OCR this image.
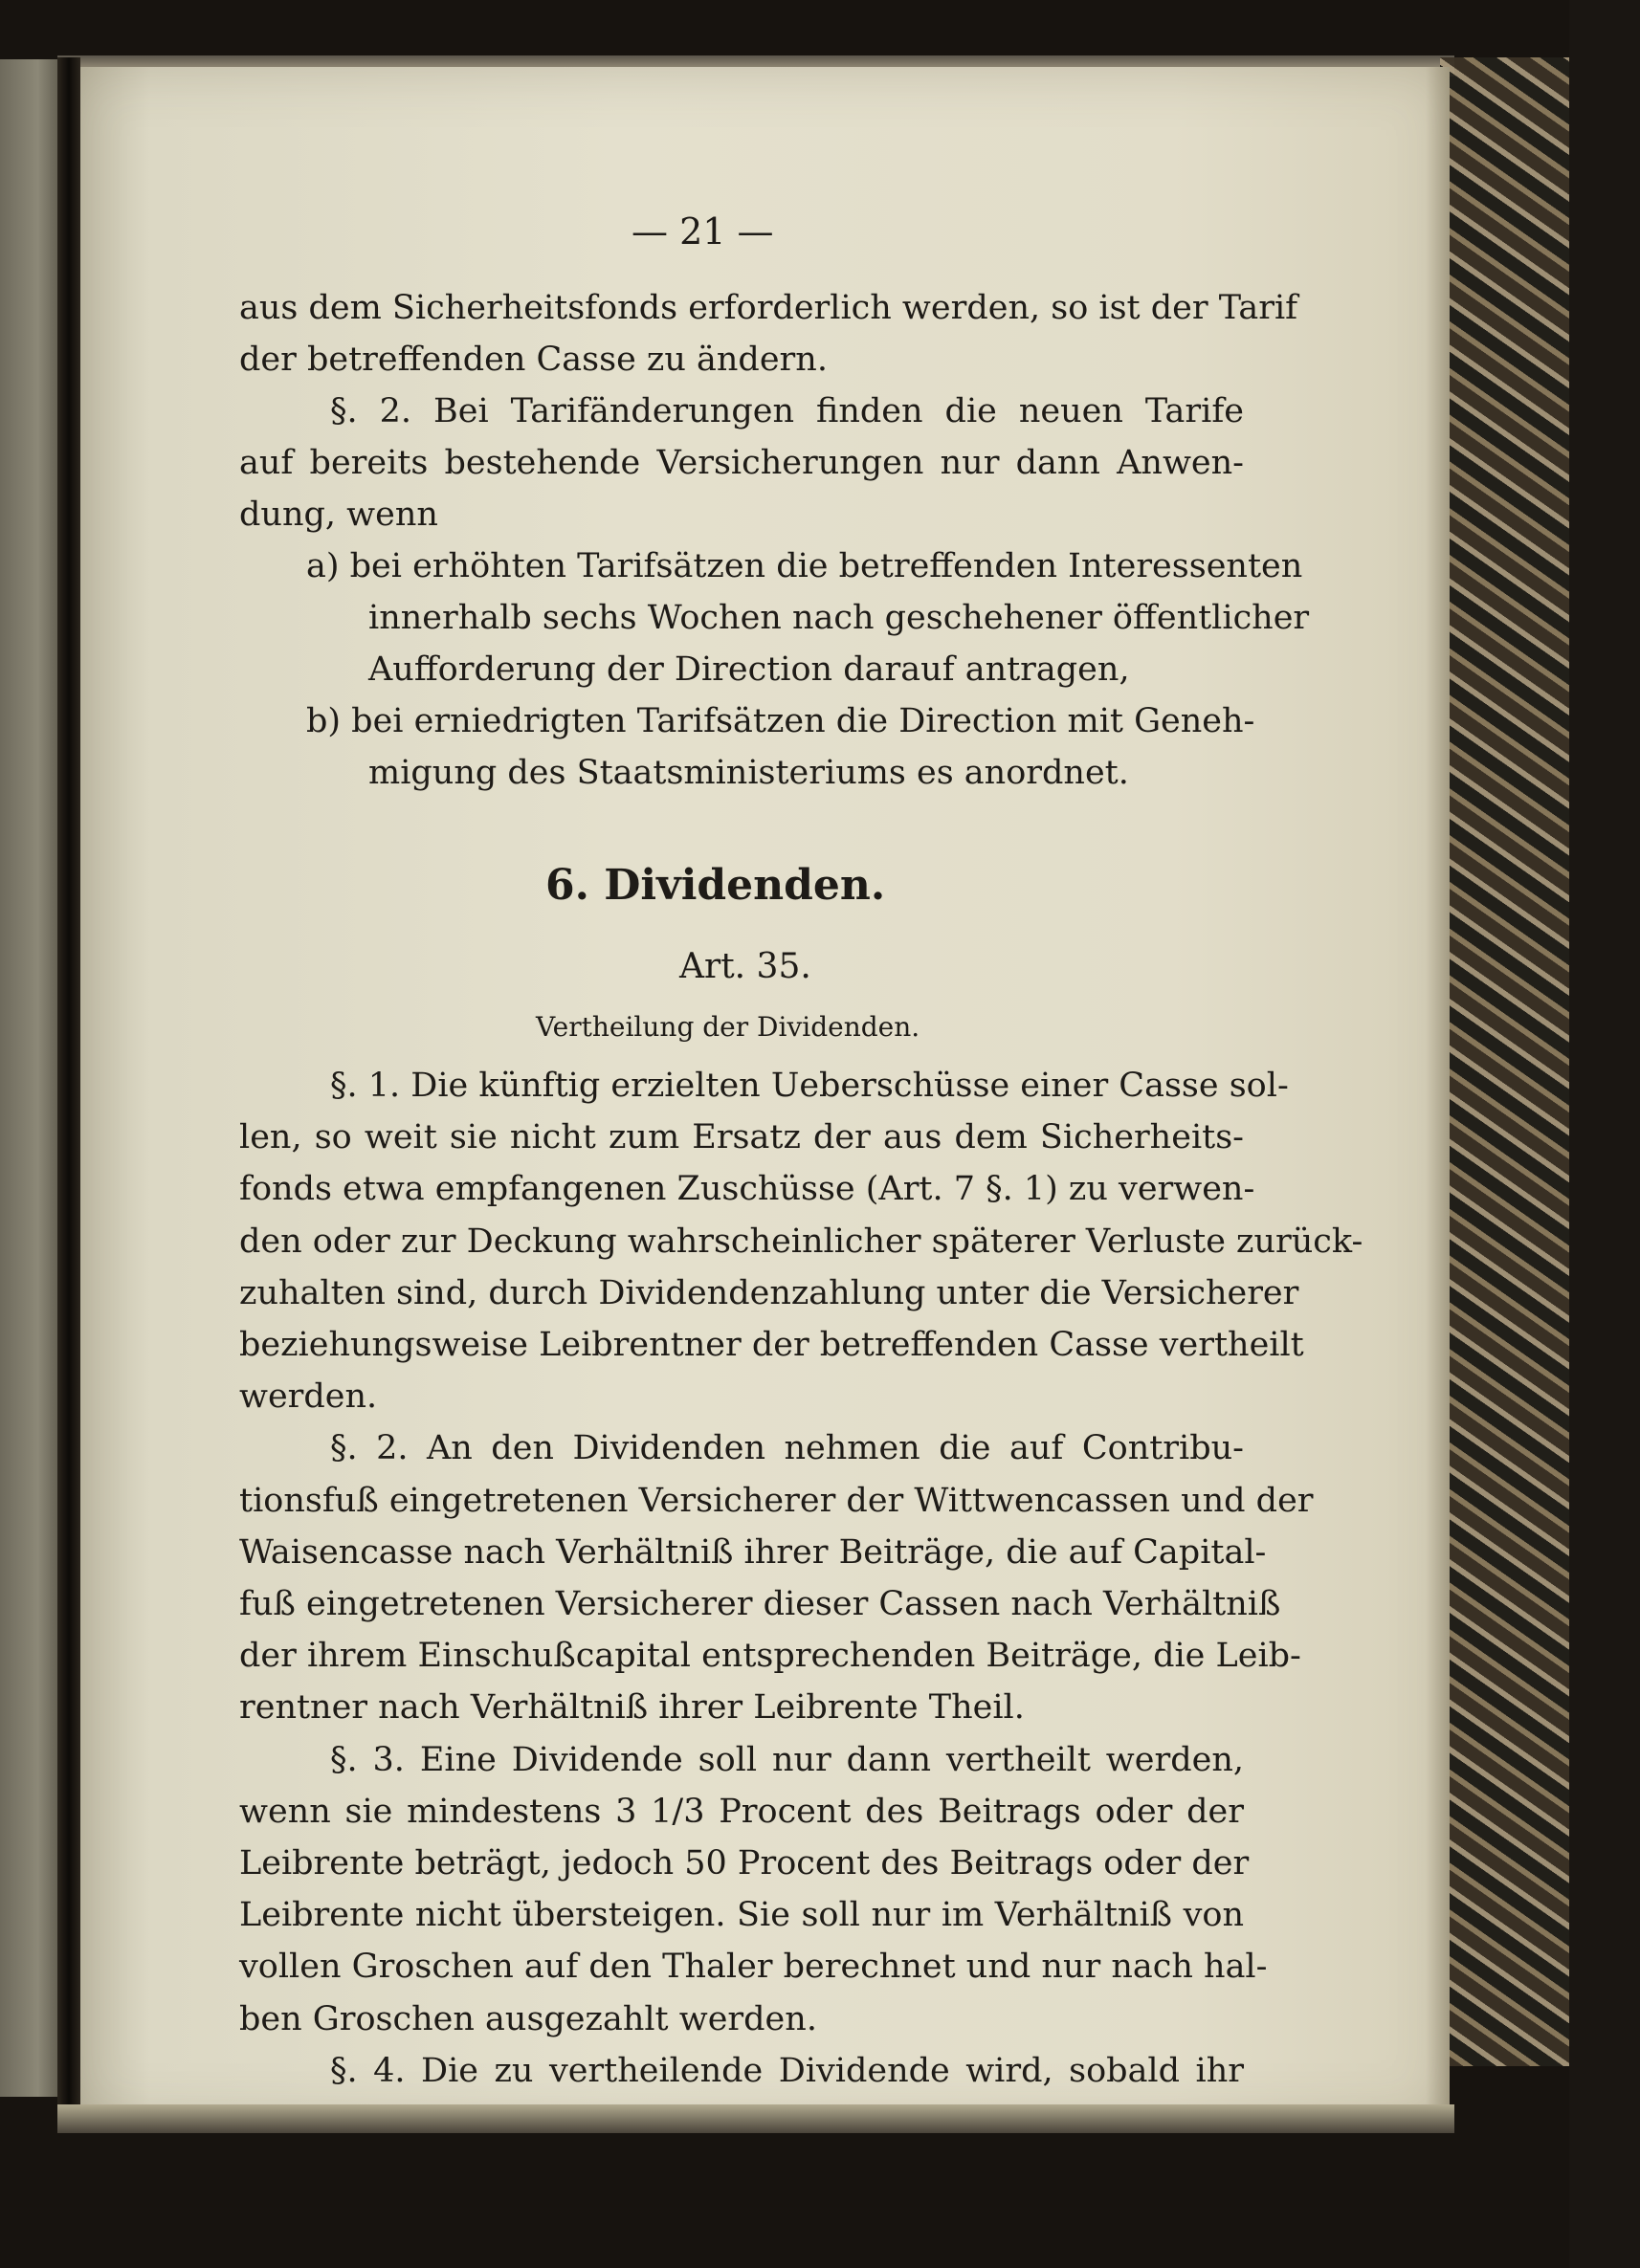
— 21 —
aus dem Sicherheitsfonds erforderlich werden, so ist der Tarif
der betreffenden Casse zu ändern.
§. 2. Bei Tarifänderungen finden die neuen Tarife
auf bereits bestehende Versicherungen nur dann Anwen-
dung, wenn
a) bei erhöhten Tarifsätzen die betreffenden Interessenten
innerhalb sechs Wochen nach geschehener öffentlicher
Aufforderung der Direction darauf antragen,
b) bei erniedrigten Tarifsätzen die Direction mit Geneh-
migung des Staatsministeriums es anordnet.
6. Dividenden.
Art. 35.
Vertheilung der Dividenden.
§. 1. Die künftig erzielten Ueberschüsse einer Casse sol-
len, so weit sie nicht zum Ersatz der aus dem Sicherheits-
fonds etwa empfangenen Zuschüsse (Art. 7 §. 1) zu verwen-
den oder zur Deckung wahrscheinlicher späterer Verluste zurück-
zuhalten sind, durch Dividendenzahlung unter die Versicherer
beziehungsweise Leibrentner der betreffenden Casse vertheilt
werden.
§. 2. An den Dividenden nehmen die auf Contribu-
tionsfuß eingetretenen Versicherer der Wittwencassen und der
Waisencasse nach Verhältniß ihrer Beiträge, die auf Capital-
fuß eingetretenen Versicherer dieser Cassen nach Verhältniß
der ihrem Einschußcapital entsprechenden Beiträge, die Leib-
rentner nach Verhältniß ihrer Leibrente Theil.
§. 3. Eine Dividende soll nur dann vertheilt werden,
wenn sie mindestens 3 1/3 Procent des Beitrags oder der
Leibrente beträgt, jedoch 50 Procent des Beitrags oder der
Leibrente nicht übersteigen. Sie soll nur im Verhältniß von
vollen Groschen auf den Thaler berechnet und nur nach hal-
ben Groschen ausgezahlt werden.
§. 4. Die zu vertheilende Dividende wird, sobald ihr
